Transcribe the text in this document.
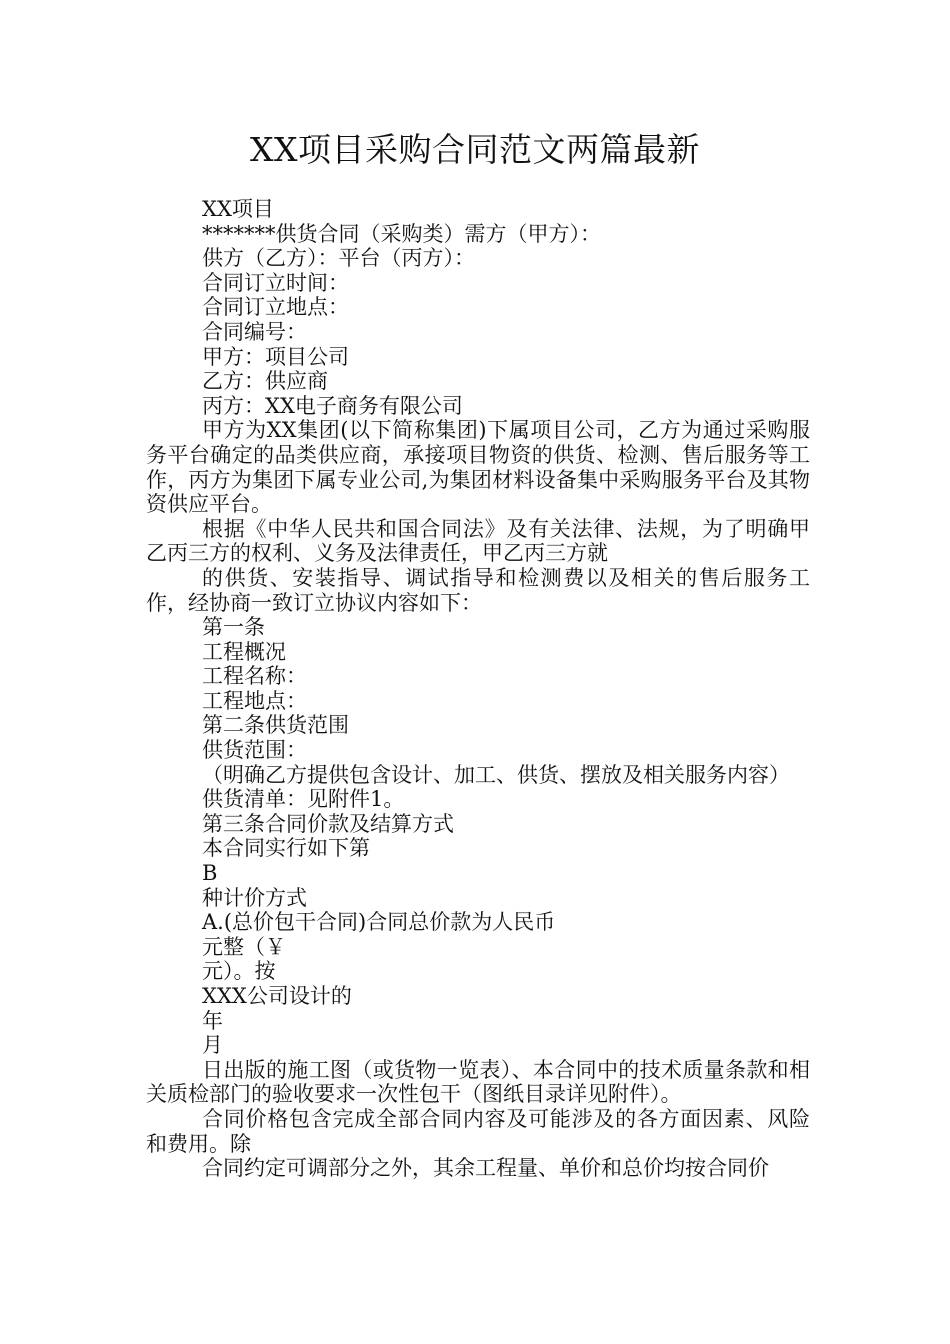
XX项目采购合同范文两篇最新

XX项目

*******供货合同（采购类）需方（甲方）：

供方（乙方）：平台（丙方）：

合同订立时间：

合同订立地点：

合同编号：

甲方：项目公司

乙方：供应商

丙方：XX电子商务有限公司

甲方为XX集团(以下简称集团)下属项目公司，乙方为通过采购服务平台确定的品类供应商，承接项目物资的供货、检测、售后服务等工作，丙方为集团下属专业公司,为集团材料设备集中采购服务平台及其物资供应平台。

根据《中华人民共和国合同法》及有关法律、法规，为了明确甲乙丙三方的权利、义务及法律责任，甲乙丙三方就

的供货、安装指导、调试指导和检测费以及相关的售后服务工作，经协商一致订立协议内容如下：

第一条

工程概况

工程名称：

工程地点：

第二条供货范围

供货范围：

（明确乙方提供包含设计、加工、供货、摆放及相关服务内容）

供货清单：见附件1。

第三条合同价款及结算方式

本合同实行如下第

B

种计价方式

A.(总价包干合同)合同总价款为人民币

元整（￥

元）。按

XXX公司设计的

年

月

日出版的施工图（或货物一览表）、本合同中的技术质量条款和相关质检部门的验收要求一次性包干（图纸目录详见附件）。

合同价格包含完成全部合同内容及可能涉及的各方面因素、风险和费用。除

合同约定可调部分之外，其余工程量、单价和总价均按合同价
